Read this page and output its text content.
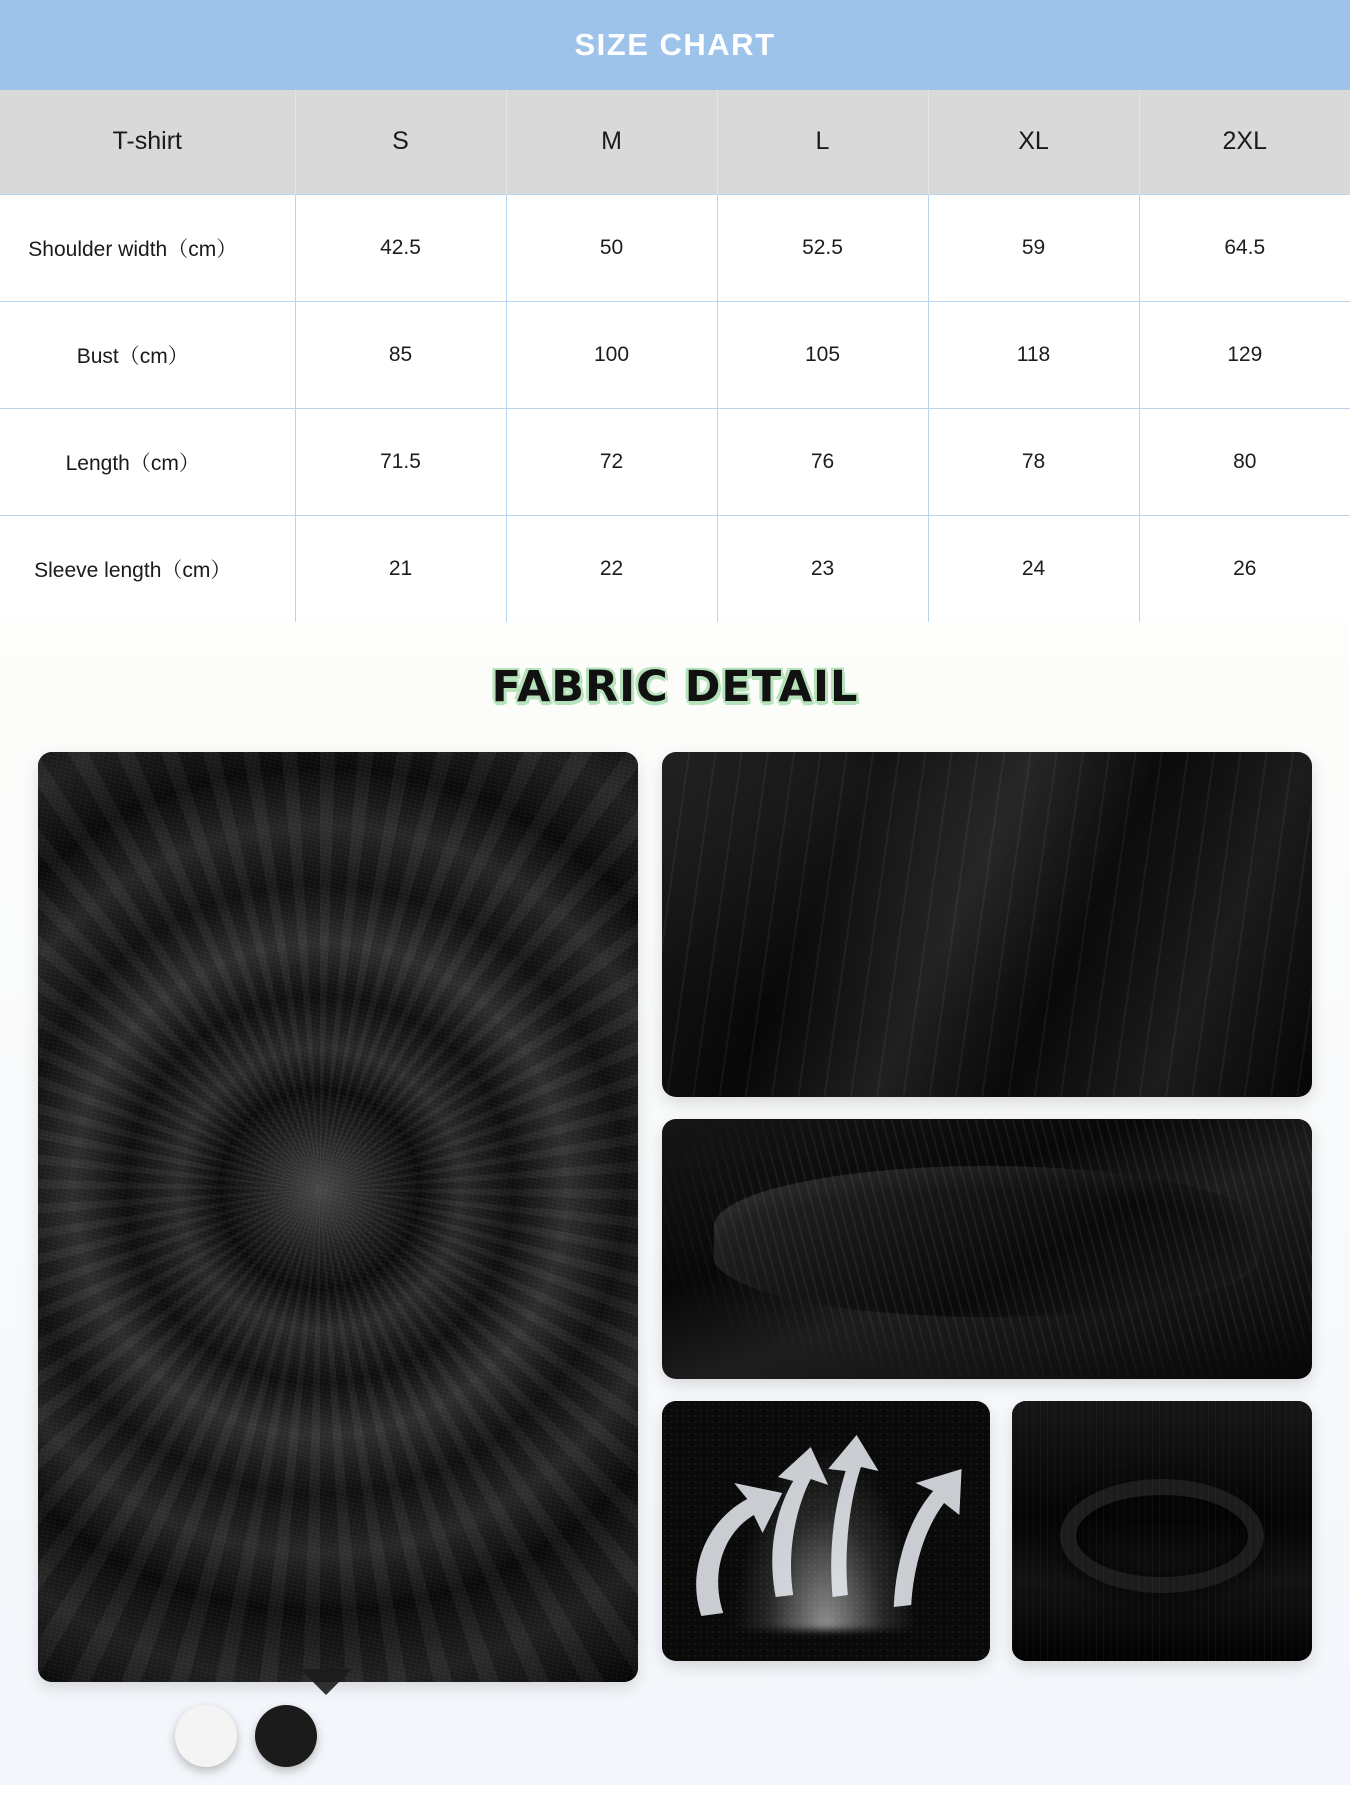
SIZE CHART
T-shirt	S	M	L	XL	2XL
Shoulder width（cm）	42.5	50	52.5	59	64.5
Bust（cm）	85	100	105	118	129
Length（cm）	71.5	72	76	78	80
Sleeve length（cm）	21	22	23	24	26
FABRIC DETAIL
